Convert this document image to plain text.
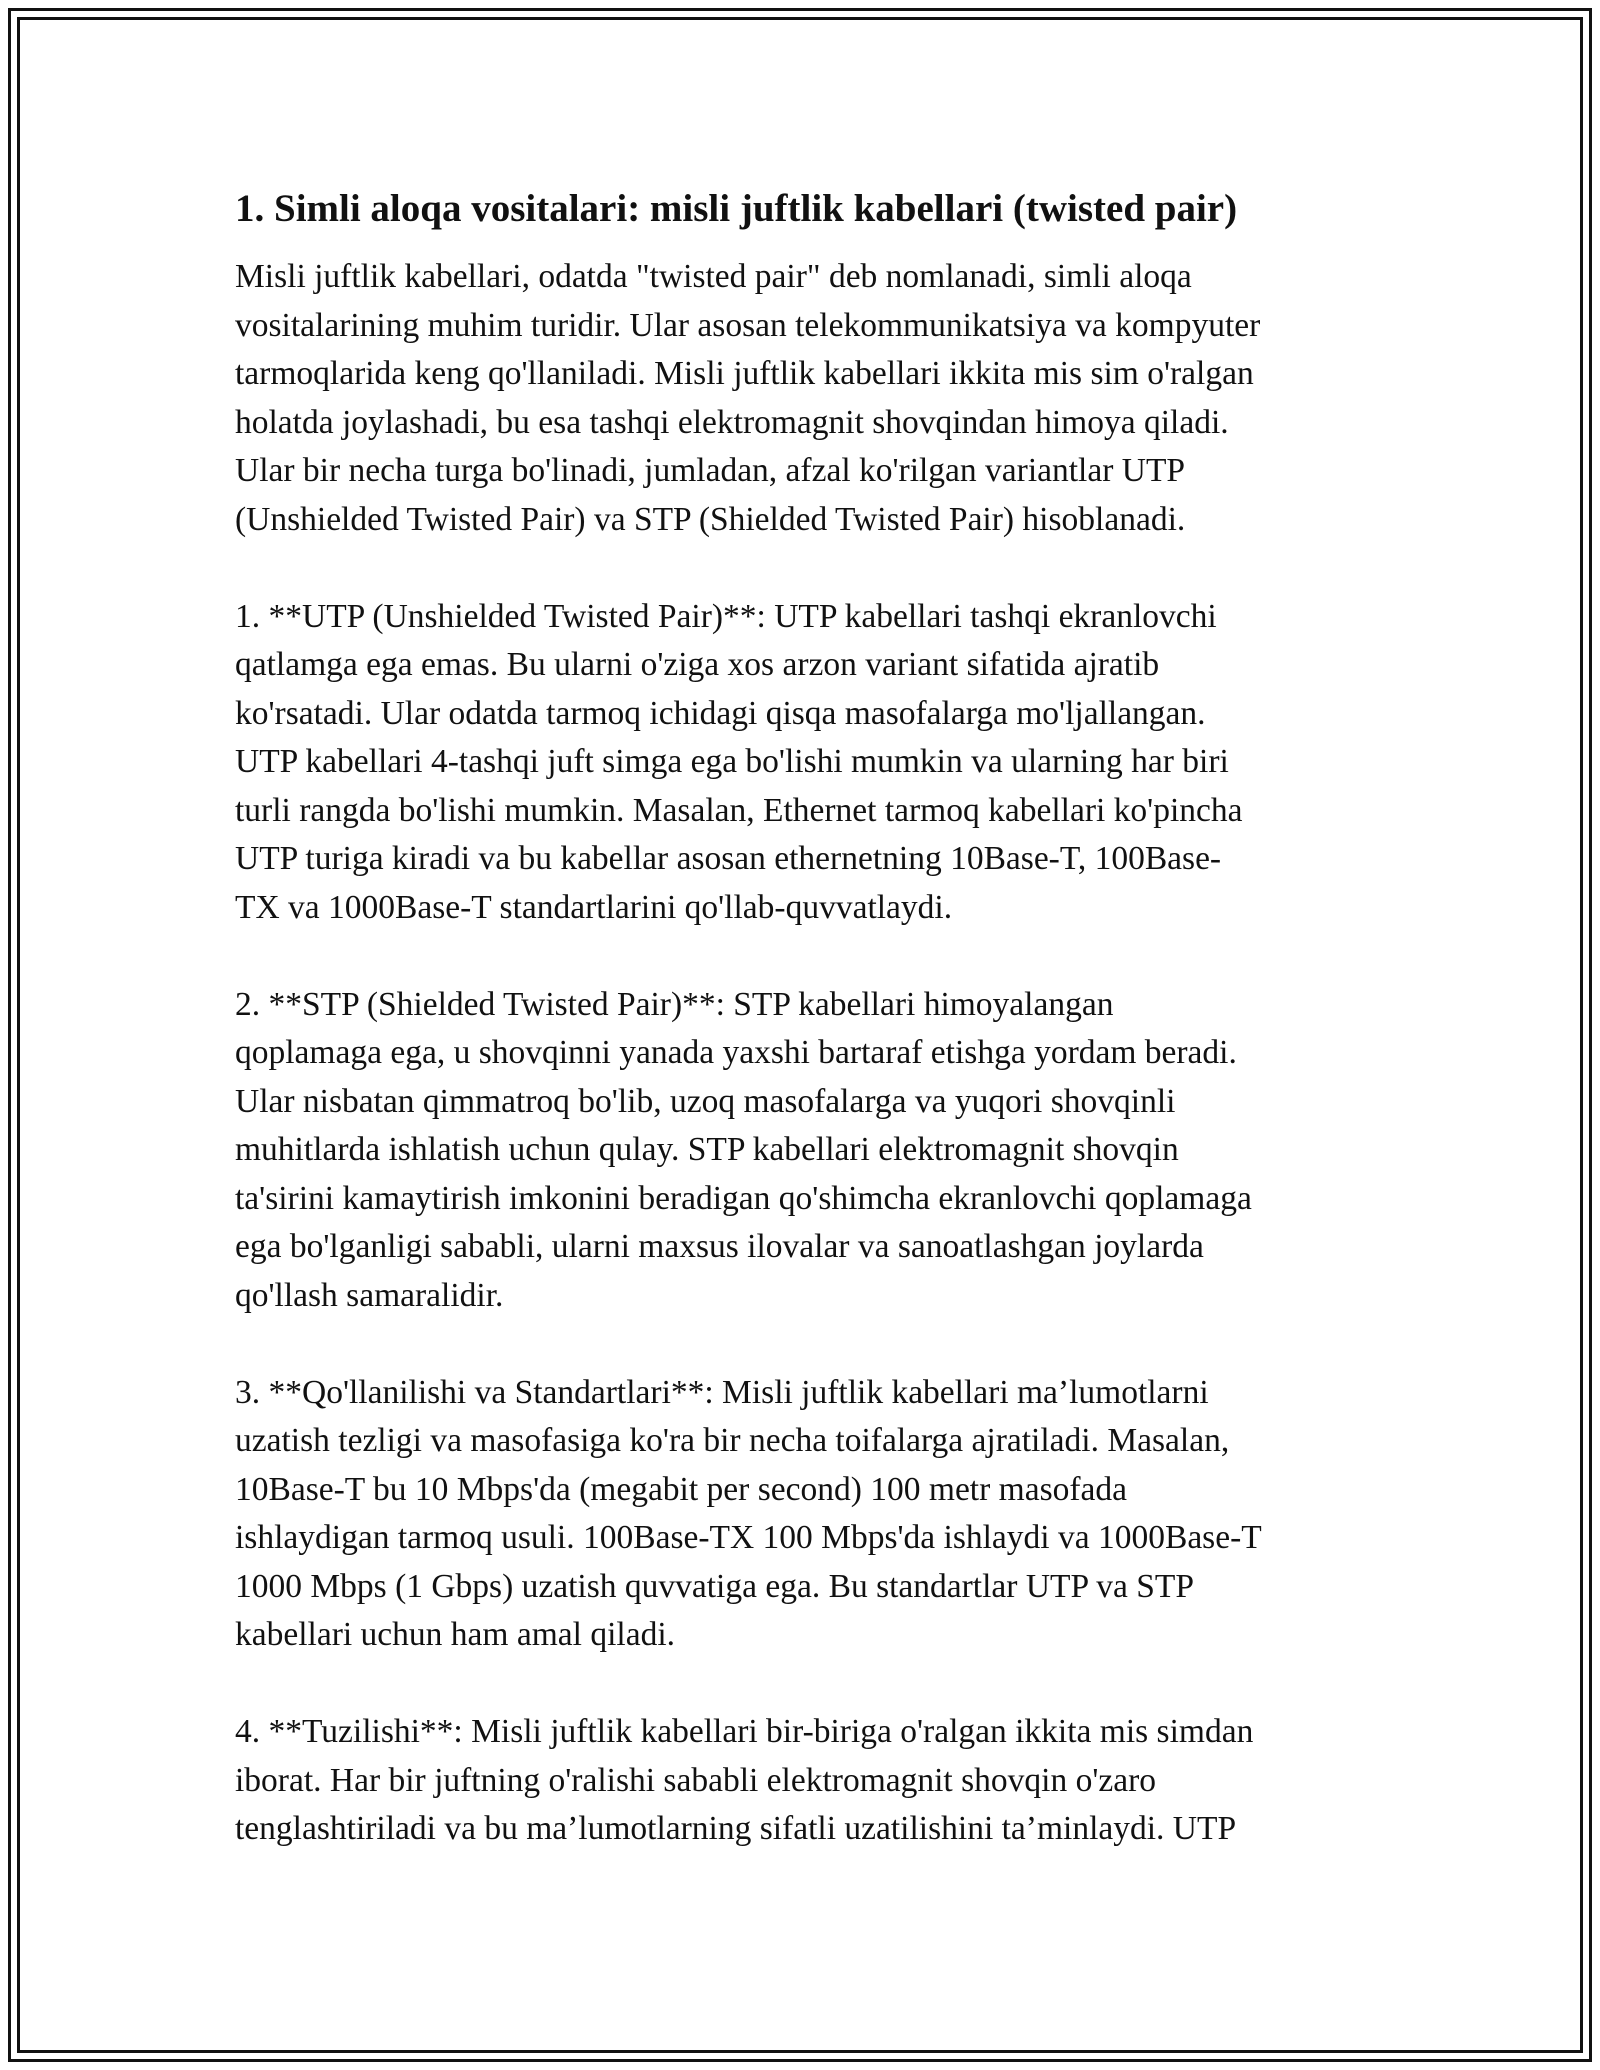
1. Simli aloqa vositalari: misli juftlik kabellari (twisted pair)

Misli juftlik kabellari, odatda "twisted pair" deb nomlanadi, simli aloqa
vositalarining muhim turidir. Ular asosan telekommunikatsiya va kompyuter
tarmoqlarida keng qo'llaniladi. Misli juftlik kabellari ikkita mis sim o'ralgan
holatda joylashadi, bu esa tashqi elektromagnit shovqindan himoya qiladi.
Ular bir necha turga bo'linadi, jumladan, afzal ko'rilgan variantlar UTP
(Unshielded Twisted Pair) va STP (Shielded Twisted Pair) hisoblanadi.

1. **UTP (Unshielded Twisted Pair)**: UTP kabellari tashqi ekranlovchi
qatlamga ega emas. Bu ularni o'ziga xos arzon variant sifatida ajratib
ko'rsatadi. Ular odatda tarmoq ichidagi qisqa masofalarga mo'ljallangan.
UTP kabellari 4-tashqi juft simga ega bo'lishi mumkin va ularning har biri
turli rangda bo'lishi mumkin. Masalan, Ethernet tarmoq kabellari ko'pincha
UTP turiga kiradi va bu kabellar asosan ethernetning 10Base-T, 100Base-
TX va 1000Base-T standartlarini qo'llab-quvvatlaydi.

2. **STP (Shielded Twisted Pair)**: STP kabellari himoyalangan
qoplamaga ega, u shovqinni yanada yaxshi bartaraf etishga yordam beradi.
Ular nisbatan qimmatroq bo'lib, uzoq masofalarga va yuqori shovqinli
muhitlarda ishlatish uchun qulay. STP kabellari elektromagnit shovqin
ta'sirini kamaytirish imkonini beradigan qo'shimcha ekranlovchi qoplamaga
ega bo'lganligi sababli, ularni maxsus ilovalar va sanoatlashgan joylarda
qo'llash samaralidir.

3. **Qo'llanilishi va Standartlari**: Misli juftlik kabellari ma’lumotlarni
uzatish tezligi va masofasiga ko'ra bir necha toifalarga ajratiladi. Masalan,
10Base-T bu 10 Mbps'da (megabit per second) 100 metr masofada
ishlaydigan tarmoq usuli. 100Base-TX 100 Mbps'da ishlaydi va 1000Base-T
1000 Mbps (1 Gbps) uzatish quvvatiga ega. Bu standartlar UTP va STP
kabellari uchun ham amal qiladi.

4. **Tuzilishi**: Misli juftlik kabellari bir-biriga o'ralgan ikkita mis simdan
iborat. Har bir juftning o'ralishi sababli elektromagnit shovqin o'zaro
tenglashtiriladi va bu ma’lumotlarning sifatli uzatilishini ta’minlaydi. UTP
